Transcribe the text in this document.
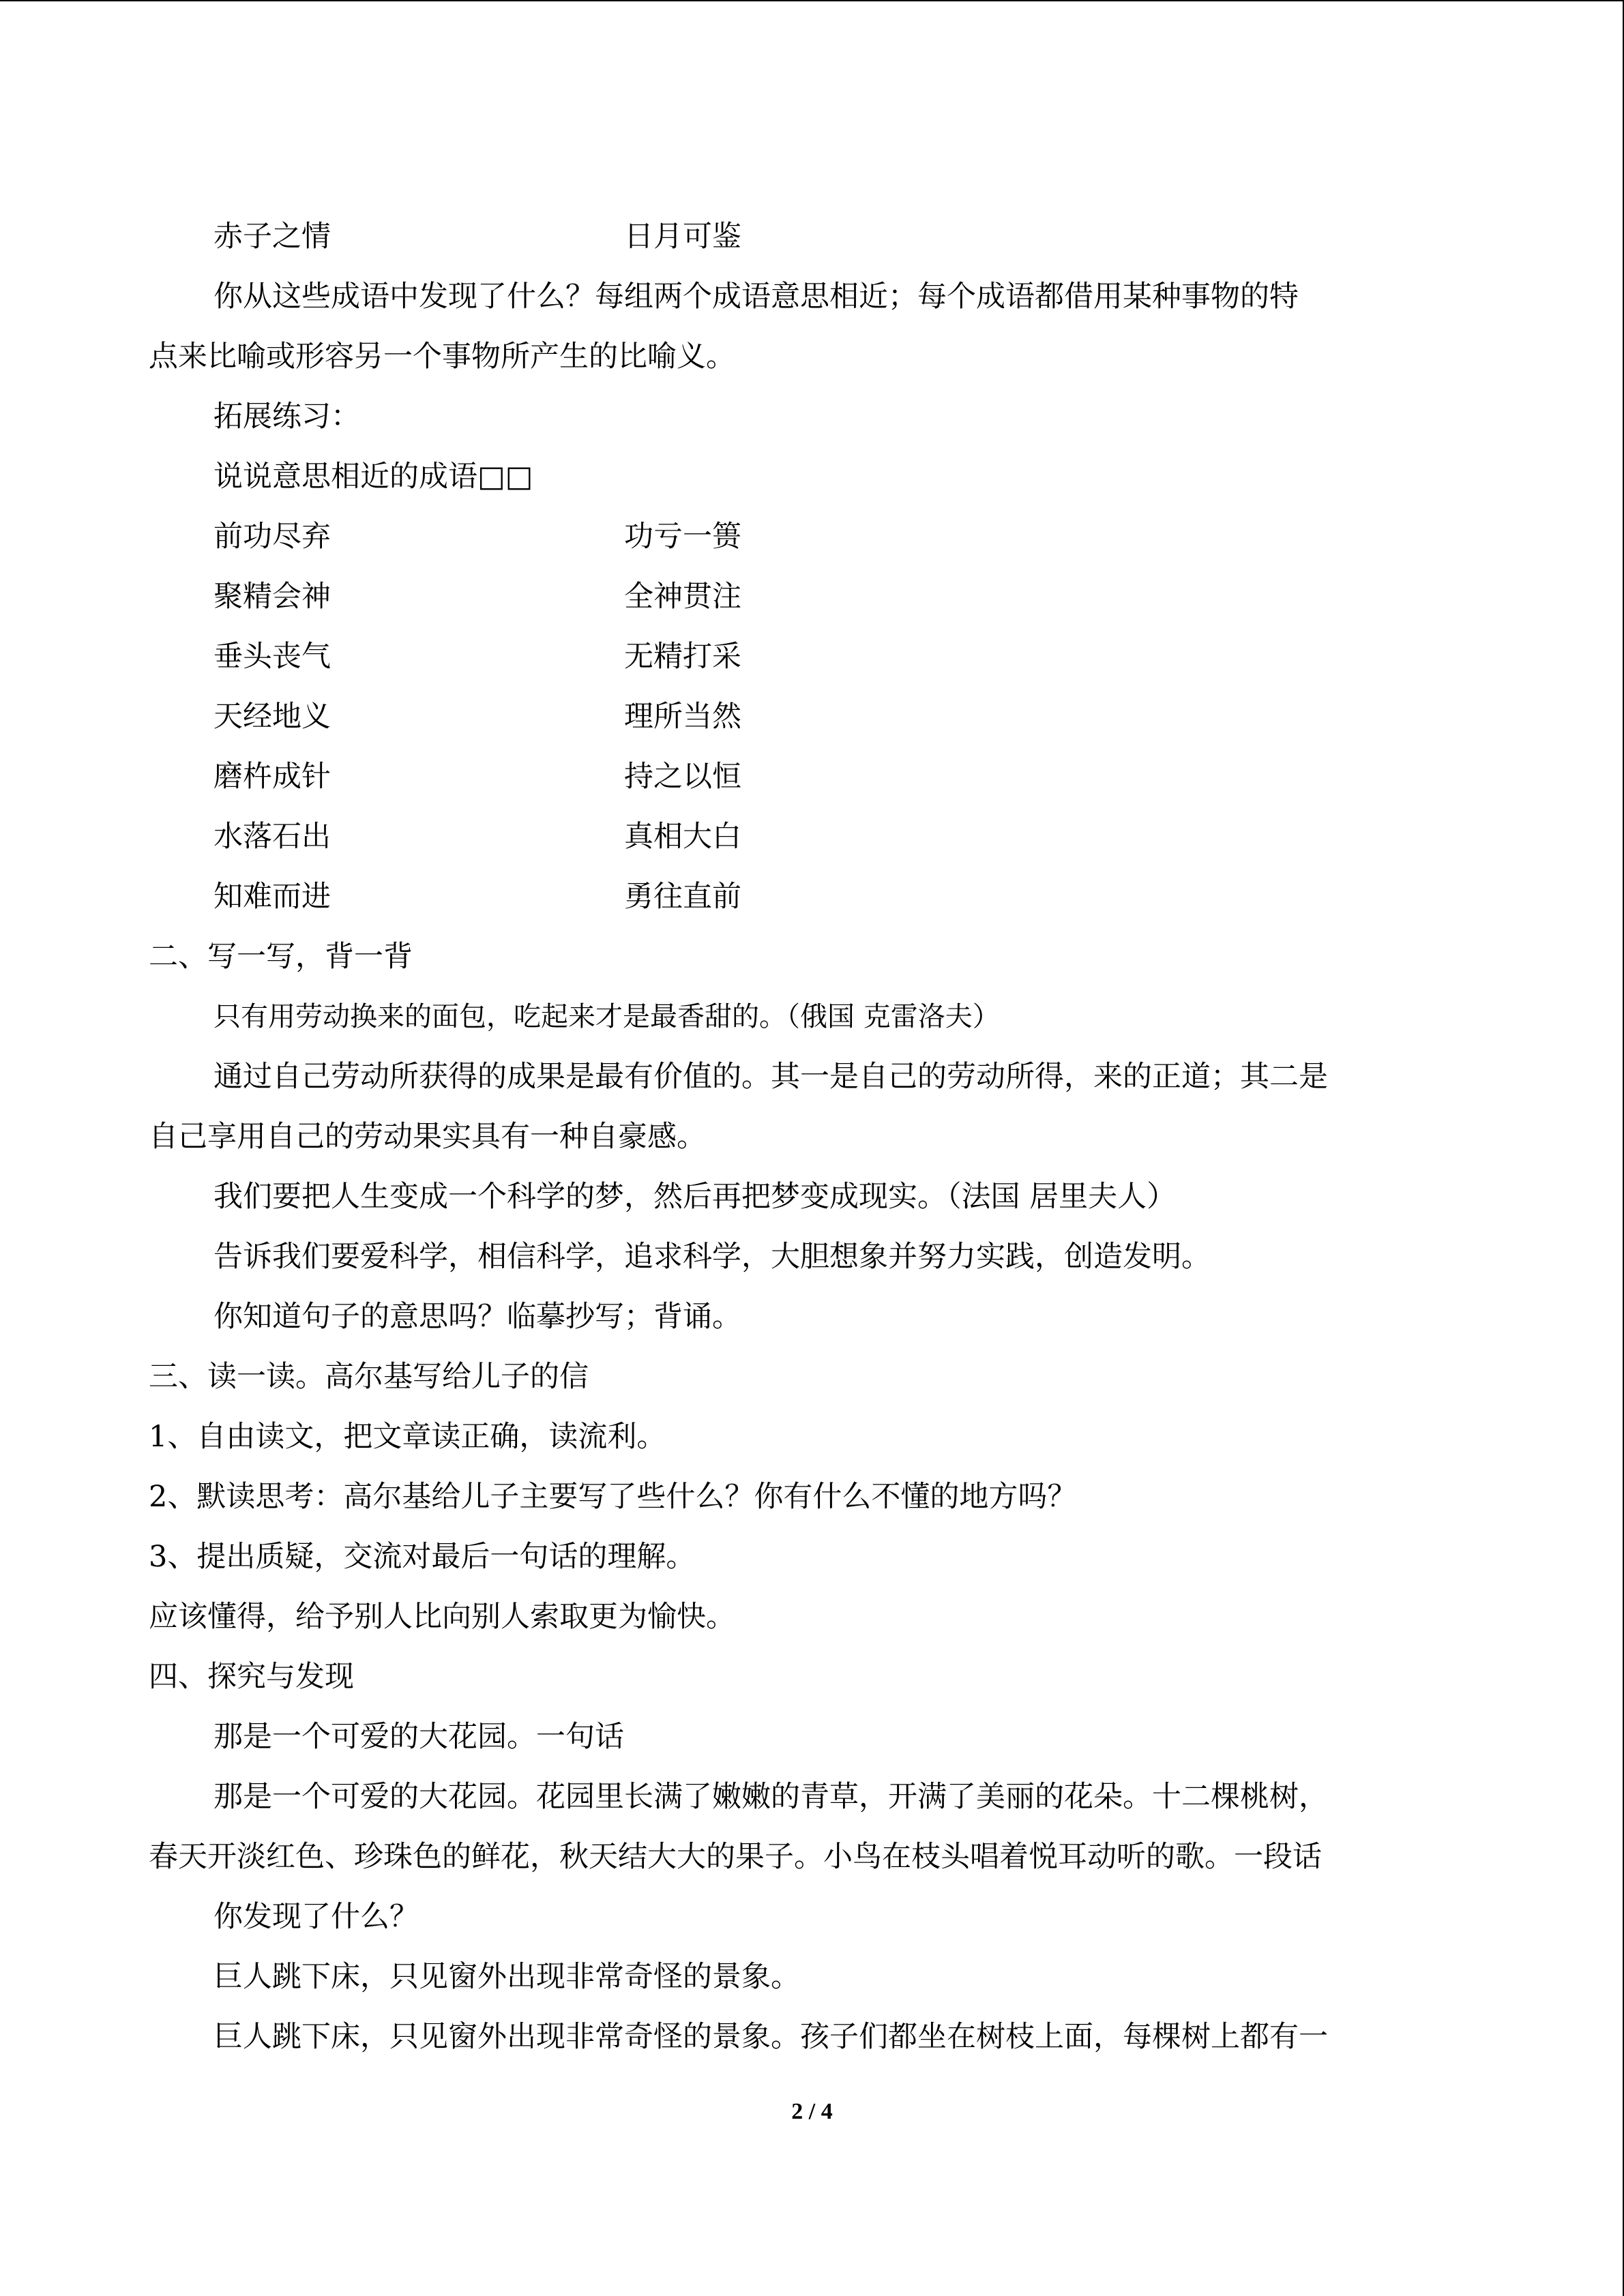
赤子之情	日月可鉴
你从这些成语中发现了什么？每组两个成语意思相近；每个成语都借用某种事物的特
点来比喻或形容另一个事物所产生的比喻义。
拓展练习：
说说意思相近的成语□□
前功尽弃	功亏一篑
聚精会神	全神贯注
垂头丧气	无精打采
天经地义	理所当然
磨杵成针	持之以恒
水落石出	真相大白
知难而进	勇往直前
二、写一写，背一背
只有用劳动换来的面包，吃起来才是最香甜的。（俄国 克雷洛夫）
通过自己劳动所获得的成果是最有价值的。其一是自己的劳动所得，来的正道；其二是
自己享用自己的劳动果实具有一种自豪感。
我们要把人生变成一个科学的梦，然后再把梦变成现实。（法国 居里夫人）
告诉我们要爱科学，相信科学，追求科学，大胆想象并努力实践，创造发明。
你知道句子的意思吗？临摹抄写；背诵。
三、读一读。高尔基写给儿子的信
1、自由读文，把文章读正确，读流利。
2、默读思考：高尔基给儿子主要写了些什么？你有什么不懂的地方吗？
3、提出质疑，交流对最后一句话的理解。
应该懂得，给予别人比向别人索取更为愉快。
四、探究与发现
那是一个可爱的大花园。一句话
那是一个可爱的大花园。花园里长满了嫩嫩的青草，开满了美丽的花朵。十二棵桃树，
春天开淡红色、珍珠色的鲜花，秋天结大大的果子。小鸟在枝头唱着悦耳动听的歌。一段话
你发现了什么？
巨人跳下床，只见窗外出现非常奇怪的景象。
巨人跳下床，只见窗外出现非常奇怪的景象。孩子们都坐在树枝上面，每棵树上都有一
2 / 4
